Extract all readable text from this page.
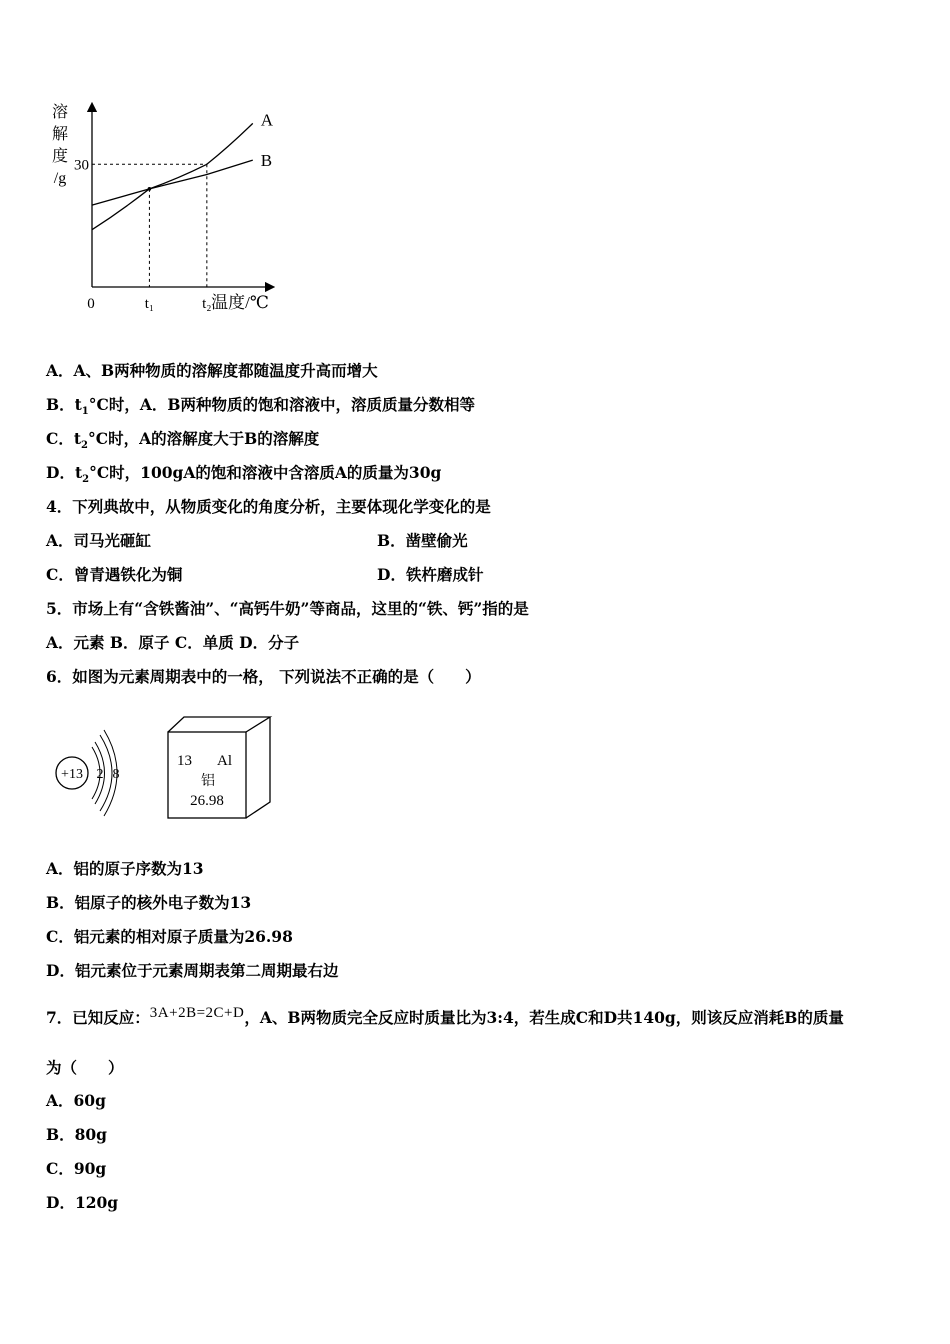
溶
解
度
/g
0	温度/℃
t₁	t₂
30
A
B
A．A、B两种物质的溶解度都随温度升高而增大
B．$t_1^\circ C$时，A．B两种物质的饱和溶液中，溶质质量分数相等
C．$t_2^\circ C$时，A的溶解度大于B的溶解度
D．$t_2^\circ C$时，100gA的饱和溶液中含溶质A的质量为30g
4．下列典故中，从物质变化的角度分析，主要体现化学变化的是
A．司马光砸缸	B．凿壁偷光
C．曾青遇铁化为铜	D．铁杵磨成针
5．市场上有“含铁酱油”、“高钙牛奶”等商品，这里的“铁、钙”指的是
A．元素 B．原子 C．单质 D．分子
6．如图为元素周期表中的一格， 下列说法不正确的是（　　）
+13 2 8
13 Al
铝
26.98
A．铝的原子序数为13
B．铝原子的核外电子数为13
C．铝元素的相对原子质量为26.98
D．铝元素位于元素周期表第二周期最右边
7．已知反应：3A+2B=2C+D，A、B两物质完全反应时质量比为3:4，若生成C和D共140g，则该反应消耗B的质量
为（　　）
A．60g
B．80g
C．90g
D．120g
